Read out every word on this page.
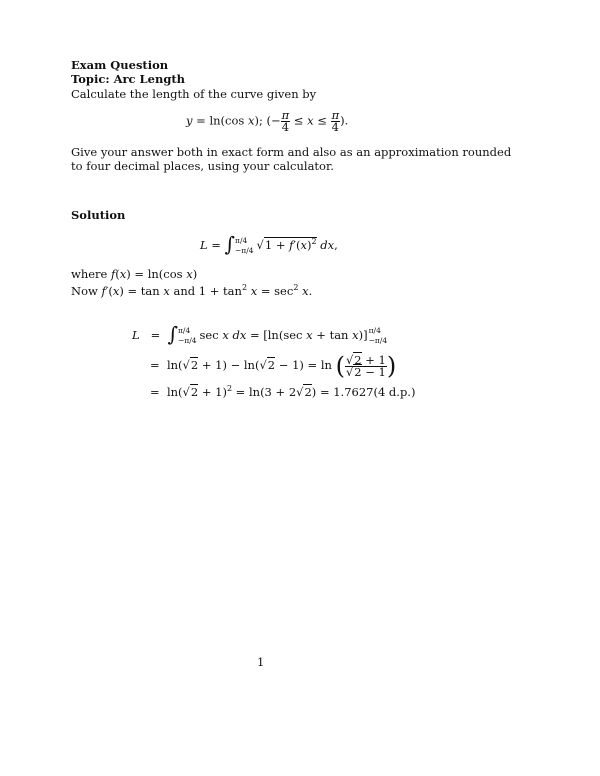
Exam Question
Topic: Arc Length
Calculate the length of the curve given by
y = ln(cos x); (− $\frac{\pi}{4} \le x \le \frac{\pi}{4}$ ).
Give your answer both in exact form and also as an approximation rounded
to four decimal places, using your calculator.
Solution
L = ∫ π/4
−π/4 $√1 + f'(x)^2$ dx,
where f(x) = ln(cos x)
Now f′(x) = tan x and $1 + \tan^2 x = \sec^2 x$.
L   =  ∫ π/4
−π/4 sec x dx = [ln(sec x + tan x)] π/4
−π/4
=  ln(√2 + 1) − ln(√2 − 1) = ln ( $\frac{√2 + 1}{√2 - 1}$ )
=  $\ln(√2 + 1)^2 = \ln(3 + 2√2) = 1.7627(4$ d.p.)
1
